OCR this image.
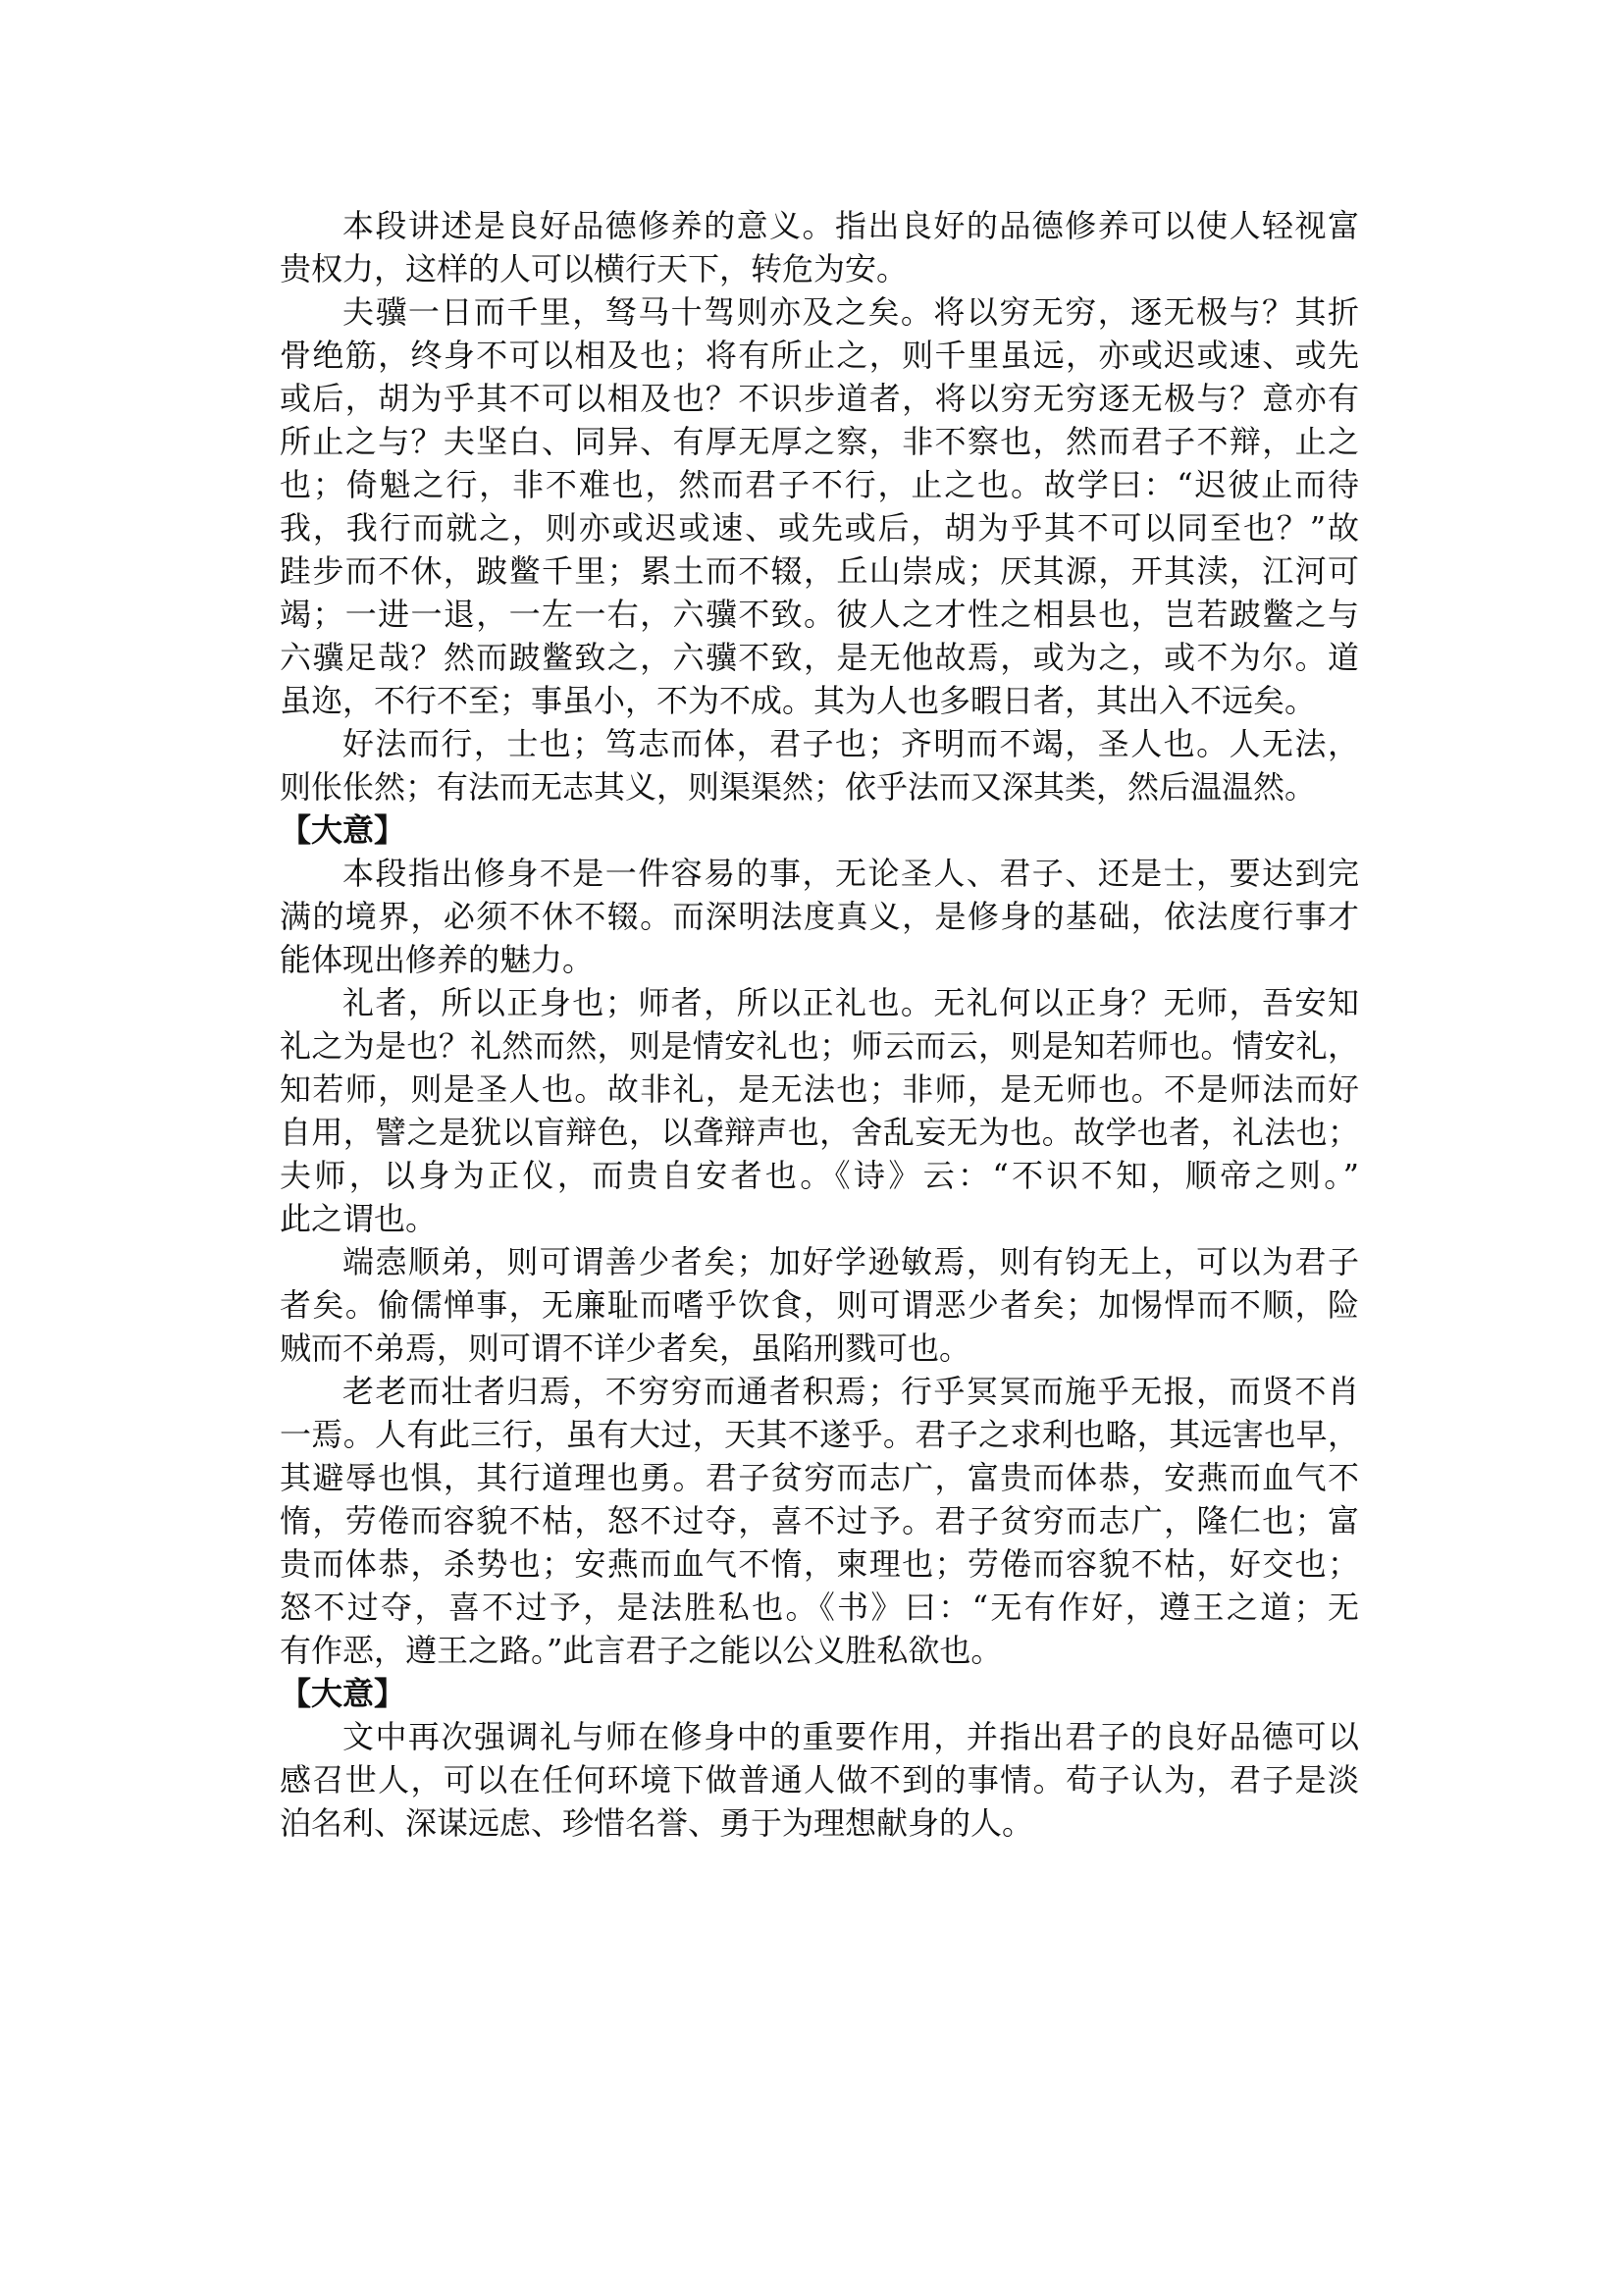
本段讲述是良好品德修养的意义。指出良好的品德修养可以使人轻视富
贵权力，这样的人可以横行天下，转危为安。
夫骥一日而千里，驽马十驾则亦及之矣。将以穷无穷，逐无极与？其折
骨绝筋，终身不可以相及也；将有所止之，则千里虽远，亦或迟或速、或先
或后，胡为乎其不可以相及也？不识步道者，将以穷无穷逐无极与？意亦有
所止之与？夫坚白、同异、有厚无厚之察，非不察也，然而君子不辩，止之
也；倚魁之行，非不难也，然而君子不行，止之也。故学曰：“迟彼止而待
我，我行而就之，则亦或迟或速、或先或后，胡为乎其不可以同至也？”故
跬步而不休，跛鳖千里；累土而不辍，丘山崇成；厌其源，开其渎，江河可
竭；一进一退，一左一右，六骥不致。彼人之才性之相县也，岂若跛鳖之与
六骥足哉？然而跛鳖致之，六骥不致，是无他故焉，或为之，或不为尔。道
虽迩，不行不至；事虽小，不为不成。其为人也多暇日者，其出入不远矣。
好法而行，士也；笃志而体，君子也；齐明而不竭，圣人也。人无法，
则伥伥然；有法而无志其义，则渠渠然；依乎法而又深其类，然后温温然。
【大意】
本段指出修身不是一件容易的事，无论圣人、君子、还是士，要达到完
满的境界，必须不休不辍。而深明法度真义，是修身的基础，依法度行事才
能体现出修养的魅力。
礼者，所以正身也；师者，所以正礼也。无礼何以正身？无师，吾安知
礼之为是也？礼然而然，则是情安礼也；师云而云，则是知若师也。情安礼，
知若师，则是圣人也。故非礼，是无法也；非师，是无师也。不是师法而好
自用，譬之是犹以盲辩色，以聋辩声也，舍乱妄无为也。故学也者，礼法也；
夫师，以身为正仪，而贵自安者也。《诗》云：“不识不知，顺帝之则。”
此之谓也。
端悫顺弟，则可谓善少者矣；加好学逊敏焉，则有钧无上，可以为君子
者矣。偷儒惮事，无廉耻而嗜乎饮食，则可谓恶少者矣；加惕悍而不顺，险
贼而不弟焉，则可谓不详少者矣，虽陷刑戮可也。
老老而壮者归焉，不穷穷而通者积焉；行乎冥冥而施乎无报，而贤不肖
一焉。人有此三行，虽有大过，天其不遂乎。君子之求利也略，其远害也早，
其避辱也惧，其行道理也勇。君子贫穷而志广，富贵而体恭，安燕而血气不
惰，劳倦而容貌不枯，怒不过夺，喜不过予。君子贫穷而志广，隆仁也；富
贵而体恭，杀势也；安燕而血气不惰，柬理也；劳倦而容貌不枯，好交也；
怒不过夺，喜不过予，是法胜私也。《书》曰：“无有作好，遵王之道；无
有作恶，遵王之路。”此言君子之能以公义胜私欲也。
【大意】
文中再次强调礼与师在修身中的重要作用，并指出君子的良好品德可以
感召世人，可以在任何环境下做普通人做不到的事情。荀子认为，君子是淡
泊名利、深谋远虑、珍惜名誉、勇于为理想献身的人。
